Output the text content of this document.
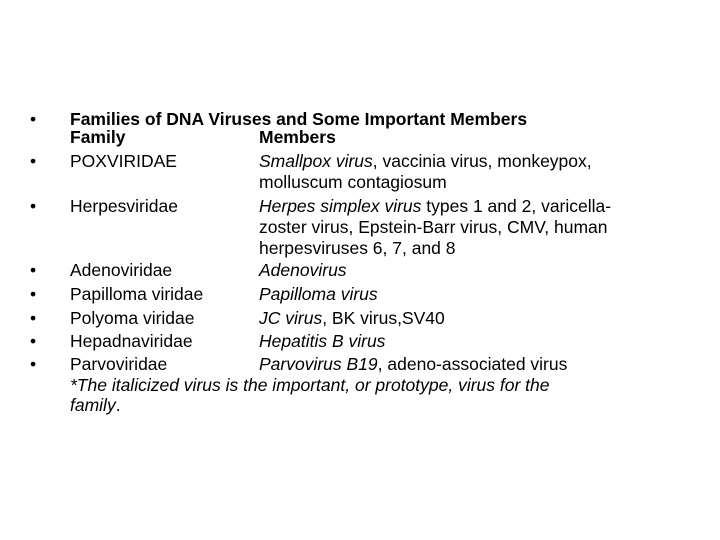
• Families of DNA Viruses and Some Important Members
Family	Members
• POXVIRIDAE	Smallpox virus, vaccinia virus, monkeypox,
molluscum contagiosum
• Herpesviridae	Herpes simplex virus types 1 and 2, varicella-
zoster virus, Epstein-Barr virus, CMV, human
herpesviruses 6, 7, and 8
• Adenoviridae	Adenovirus
• Papilloma viridae	Papilloma virus
• Polyoma viridae	JC virus, BK virus,SV40
• Hepadnaviridae	Hepatitis B virus
• Parvoviridae	Parvovirus B19, adeno-associated virus
*The italicized virus is the important, or prototype, virus for the
family.
